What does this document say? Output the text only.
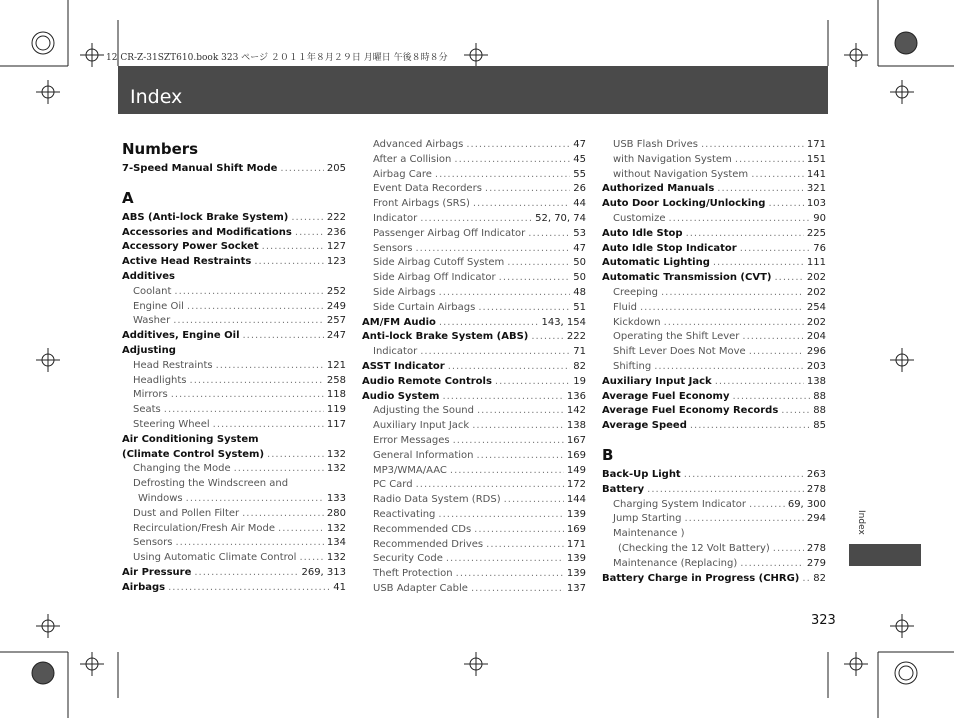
12 CR-Z-31SZT610.book 323 ページ ２０１１年８月２９日 月曜日 午後８時８分
Index
Numbers
7-Speed Manual Shift Mode .....	205
A
ABS (Anti-lock Brake System) .....	222
Accessories and Modifications .....	236
Accessory Power Socket .....	127
Active Head Restraints .....	123
Additives
Coolant .....	252
Engine Oil .....	249
Washer .....	257
Additives, Engine Oil .....	247
Adjusting
Head Restraints .....	121
Headlights .....	258
Mirrors .....	118
Seats .....	119
Steering Wheel .....	117
Air Conditioning System
(Climate Control System) .....	132
Changing the Mode .....	132
Defrosting the Windscreen and
Windows .....	133
Dust and Pollen Filter .....	280
Recirculation/Fresh Air Mode .....	132
Sensors .....	134
Using Automatic Climate Control .....	132
Air Pressure .....	269, 313
Airbags .....	41
Advanced Airbags .....	47
After a Collision .....	45
Airbag Care .....	55
Event Data Recorders .....	26
Front Airbags (SRS) .....	44
Indicator .....	52, 70, 74
Passenger Airbag Off Indicator .....	53
Sensors .....	47
Side Airbag Cutoff System .....	50
Side Airbag Off Indicator .....	50
Side Airbags .....	48
Side Curtain Airbags .....	51
AM/FM Audio .....	143, 154
Anti-lock Brake System (ABS) .....	222
Indicator .....	71
ASST Indicator .....	82
Audio Remote Controls .....	19
Audio System .....	136
Adjusting the Sound .....	142
Auxiliary Input Jack .....	138
Error Messages .....	167
General Information .....	169
MP3/WMA/AAC .....	149
PC Card .....	172
Radio Data System (RDS) .....	144
Reactivating .....	139
Recommended CDs .....	169
Recommended Drives .....	171
Security Code .....	139
Theft Protection .....	139
USB Adapter Cable .....	137
USB Flash Drives .....	171
with Navigation System .....	151
without Navigation System .....	141
Authorized Manuals .....	321
Auto Door Locking/Unlocking .....	103
Customize .....	90
Auto Idle Stop .....	225
Auto Idle Stop Indicator .....	76
Automatic Lighting .....	111
Automatic Transmission (CVT) .....	202
Creeping .....	202
Fluid .....	254
Kickdown .....	202
Operating the Shift Lever .....	204
Shift Lever Does Not Move .....	296
Shifting .....	203
Auxiliary Input Jack .....	138
Average Fuel Economy .....	88
Average Fuel Economy Records .....	88
Average Speed .....	85
B
Back-Up Light .....	263
Battery .....	278
Charging System Indicator .....	69, 300
Jump Starting .....	294
Maintenance )
(Checking the 12 Volt Battery) .....	278
Maintenance (Replacing) .....	279
Battery Charge in Progress (CHRG) ..... 82
Index
323
